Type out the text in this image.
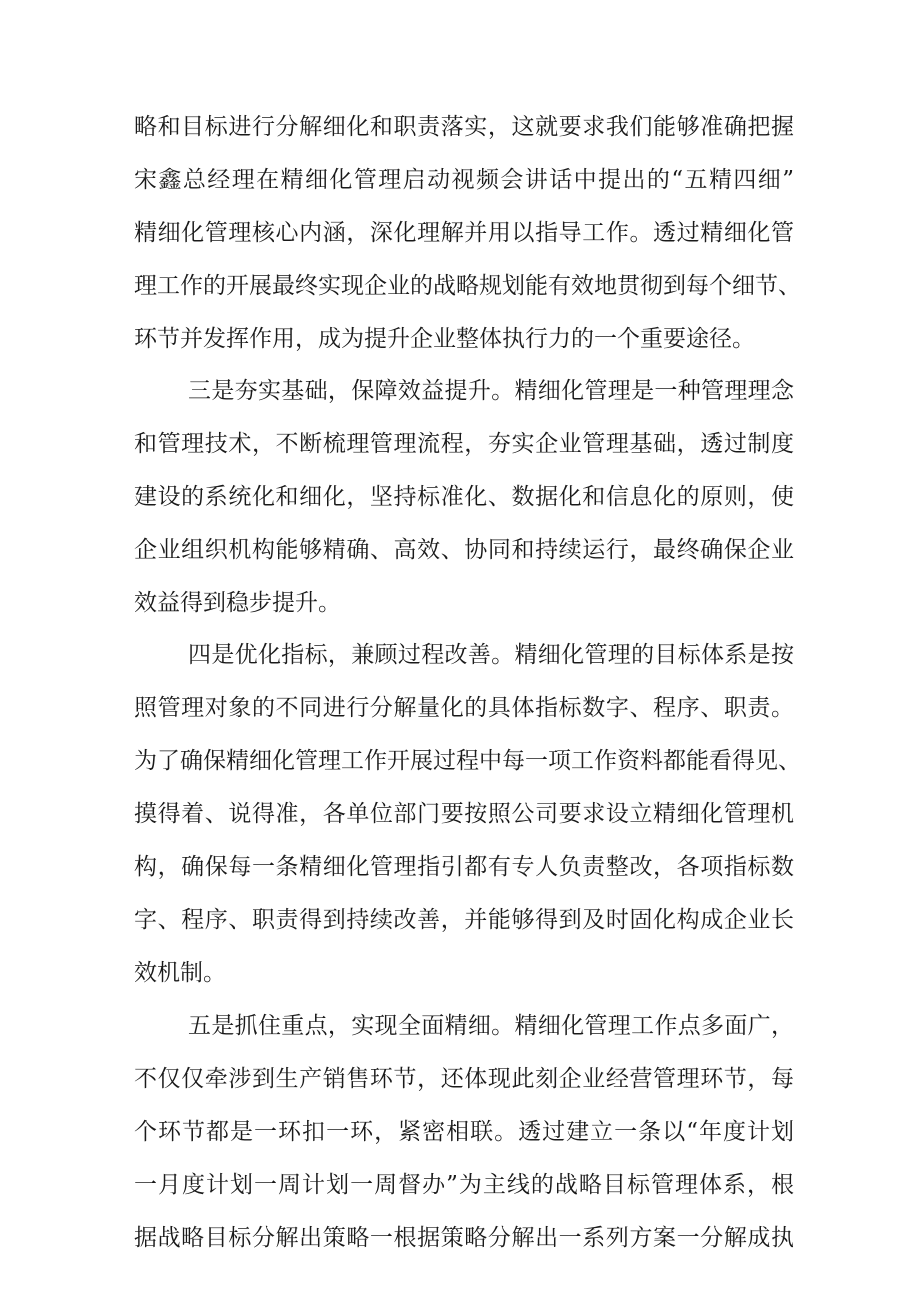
略和目标进行分解细化和职责落实，这就要求我们能够准确把握
宋鑫总经理在精细化管理启动视频会讲话中提出的“五精四细”
精细化管理核心内涵，深化理解并用以指导工作。透过精细化管
理工作的开展最终实现企业的战略规划能有效地贯彻到每个细节、
环节并发挥作用，成为提升企业整体执行力的一个重要途径。
三是夯实基础，保障效益提升。精细化管理是一种管理理念
和管理技术，不断梳理管理流程，夯实企业管理基础，透过制度
建设的系统化和细化，坚持标准化、数据化和信息化的原则，使
企业组织机构能够精确、高效、协同和持续运行，最终确保企业
效益得到稳步提升。
四是优化指标，兼顾过程改善。精细化管理的目标体系是按
照管理对象的不同进行分解量化的具体指标数字、程序、职责。
为了确保精细化管理工作开展过程中每一项工作资料都能看得见、
摸得着、说得准，各单位部门要按照公司要求设立精细化管理机
构，确保每一条精细化管理指引都有专人负责整改，各项指标数
字、程序、职责得到持续改善，并能够得到及时固化构成企业长
效机制。
五是抓住重点，实现全面精细。精细化管理工作点多面广，
不仅仅牵涉到生产销售环节，还体现此刻企业经营管理环节，每
个环节都是一环扣一环，紧密相联。透过建立一条以“年度计划
一月度计划一周计划一周督办”为主线的战略目标管理体系，根
据战略目标分解出策略一根据策略分解出一系列方案一分解成执
